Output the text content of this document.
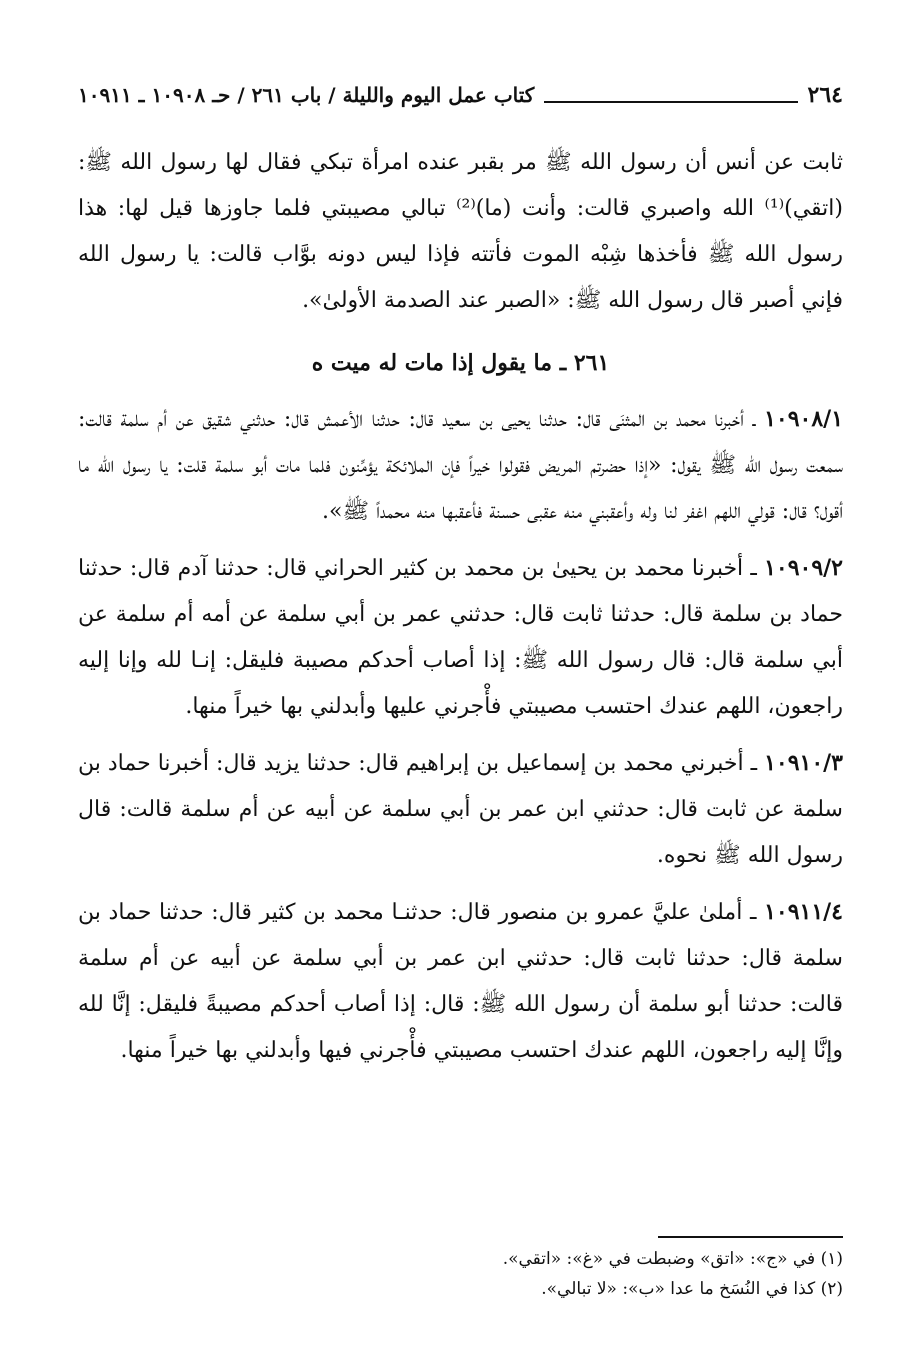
٢٦٤
كتاب عمل اليوم والليلة / باب ٢٦١ / حـ ١٠٩٠٨ ـ ١٠٩١١

ثابت عن أنس أن رسول الله ﷺ مر بقبر عنده امرأة تبكي فقال لها رسول الله ﷺ: (اتقي)⁽¹⁾ الله واصبري قالت: وأنت (ما)⁽²⁾ تبالي مصيبتي فلما جاوزها قيل لها: هذا رسول الله ﷺ فأخذها شِبْه الموت فأتته فإذا ليس دونه بوَّاب قالت: يا رسول الله فإني أصبر قال رسول الله ﷺ: «الصبر عند الصدمة الأولىٰ».

٢٦١ ـ ما يقول إذا مات له ميت ه

١٠٩٠٨/١ ـ أخبرنا محمد بن المثنَى قال: حدثنا يحيى بن سعيد قال: حدثنا الأعمش قال: حدثني شقيق عن أم سلمة قالت: سمعت رسول الله ﷺ يقول: «إذا حضرتم المريض فقولوا خيراً فإن الملائكة يؤمِّنون فلما مات أبو سلمة قلت: يا رسول الله ما أقول؟ قال: قولي اللهم اغفر لنا وله وأعقبني منه عقبى حسنة فأعقبها منه محمداً ﷺ».

١٠٩٠٩/٢ ـ أخبرنا محمد بن يحيىٰ بن محمد بن كثير الحراني قال: حدثنا آدم قال: حدثنا حماد بن سلمة قال: حدثنا ثابت قال: حدثني عمر بن أبي سلمة عن أمه أم سلمة عن أبي سلمة قال: قال رسول الله ﷺ: إذا أصاب أحدكم مصيبة فليقل: إنـا لله وإنا إليه راجعون، اللهم عندك احتسب مصيبتي فأْجرني عليها وأبدلني بها خيراً منها.

١٠٩١٠/٣ ـ أخبرني محمد بن إسماعيل بن إبراهيم قال: حدثنا يزيد قال: أخبرنا حماد بن سلمة عن ثابت قال: حدثني ابن عمر بن أبي سلمة عن أبيه عن أم سلمة قالت: قال رسول الله ﷺ نحوه.

١٠٩١١/٤ ـ أملىٰ عليَّ عمرو بن منصور قال: حدثنـا محمد بن كثير قال: حدثنا حماد بن سلمة قال: حدثنا ثابت قال: حدثني ابن عمر بن أبي سلمة عن أبيه عن أم سلمة قالت: حدثنا أبو سلمة أن رسول الله ﷺ: قال: إذا أصاب أحدكم مصيبةً فليقل: إنَّا لله وإنَّا إليه راجعون، اللهم عندك احتسب مصيبتي فأْجرني فيها وأبدلني بها خيراً منها.

(١) في «ج»: «اتق» وضبطت في «غ»: «اتقي».

(٢) كذا في النُسَخ ما عدا «ب»: «لا تبالي».
